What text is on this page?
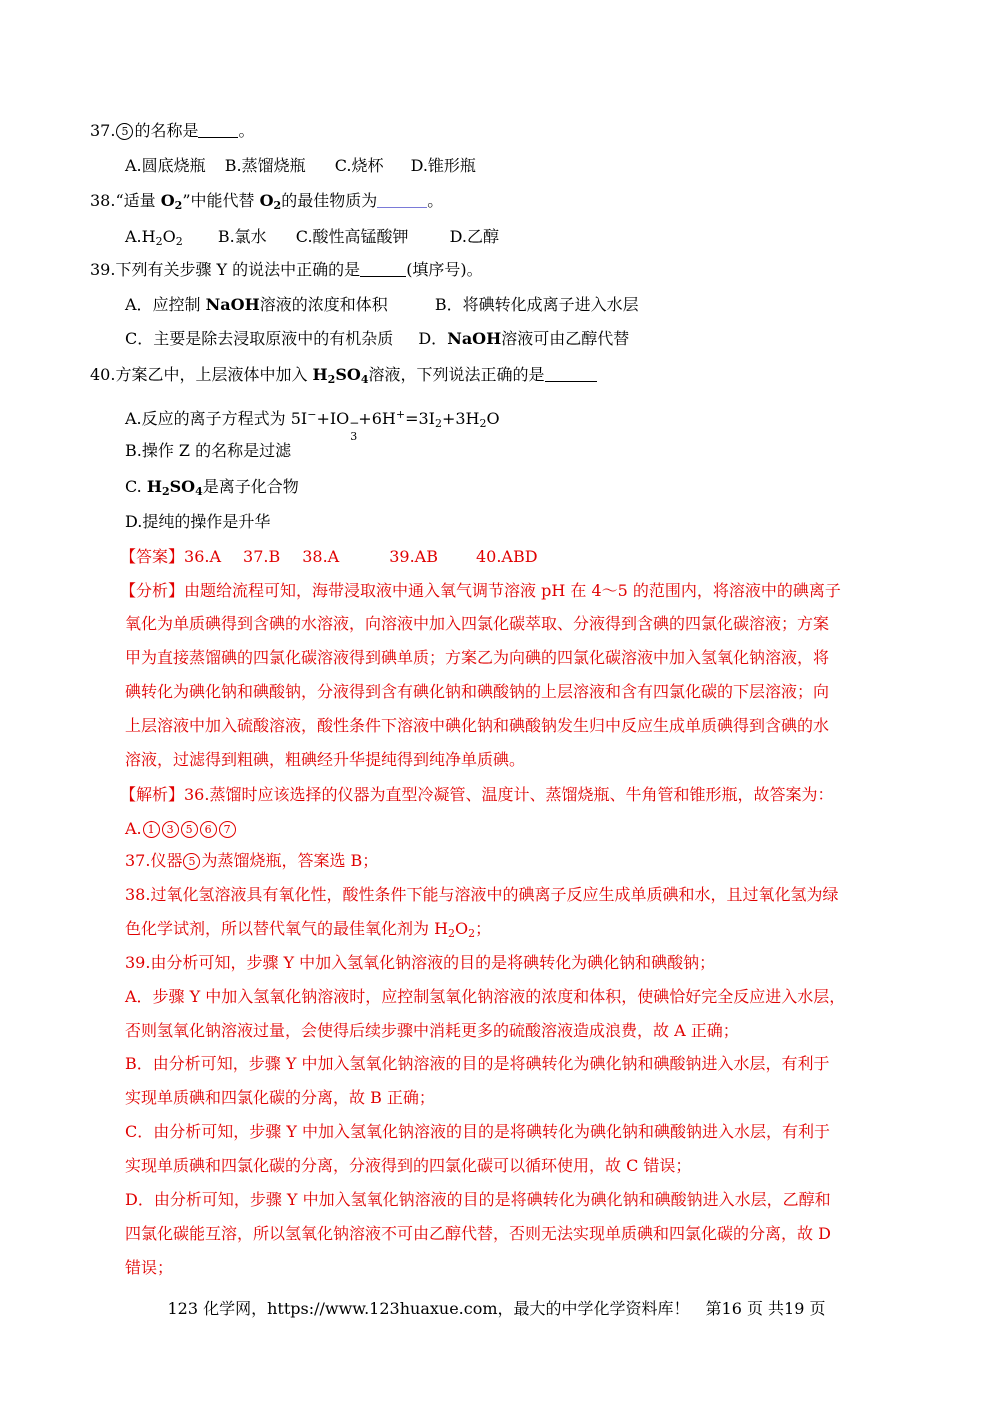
37. 5 的名称是	。
A.圆底烧瓶 B.蒸馏烧瓶 C.烧杯 D.锥形瓶
38.“适量 $O_2$”中能代替 $O_2$的最佳物质为	。
$A.H_2O_2$ B.氯水 C.酸性高锰酸钾	D.乙醇
39.下列有关步骤 Y 的说法中正确的是	(填序号)。
A．应控制 NaOH溶液的浓度和体积	B．将碘转化成离子进入水层
C．主要是除去浸取原液中的有机杂质 D．NaOH溶液可由乙醇代替
40.方案乙中，上层液体中加入 $H_2SO_4$溶液，下列说法正确的是
A.反应的离子方程式为 5I−+IO −
3
$+6H^+=3I_2+3H_2O$
B.操作 Z 的名称是过滤
C. $H_2SO_4$是离子化合物
D.提纯的操作是升华
【答案】36.A 37.B 38.A	39.AB 40.ABD
【分析】由题给流程可知，海带浸取液中通入氧气调节溶液 pH 在 4～5 的范围内，将溶液中的碘离子
氧化为单质碘得到含碘的水溶液，向溶液中加入四氯化碳萃取、分液得到含碘的四氯化碳溶液；方案
甲为直接蒸馏碘的四氯化碳溶液得到碘单质；方案乙为向碘的四氯化碳溶液中加入氢氧化钠溶液，将
碘转化为碘化钠和碘酸钠，分液得到含有碘化钠和碘酸钠的上层溶液和含有四氯化碳的下层溶液；向
上层溶液中加入硫酸溶液，酸性条件下溶液中碘化钠和碘酸钠发生归中反应生成单质碘得到含碘的水
溶液，过滤得到粗碘，粗碘经升华提纯得到纯净单质碘。
【解析】36.蒸馏时应该选择的仪器为直型冷凝管、温度计、蒸馏烧瓶、牛角管和锥形瓶，故答案为：
A. 1 3 5 6 7
37.仪器 5 为蒸馏烧瓶，答案选 B；
38.过氧化氢溶液具有氧化性，酸性条件下能与溶液中的碘离子反应生成单质碘和水，且过氧化氢为绿
色化学试剂，所以替代氧气的最佳氧化剂为 $H_2O_2$；
39.由分析可知，步骤 Y 中加入氢氧化钠溶液的目的是将碘转化为碘化钠和碘酸钠；
A．步骤 Y 中加入氢氧化钠溶液时，应控制氢氧化钠溶液的浓度和体积，使碘恰好完全反应进入水层，
否则氢氧化钠溶液过量，会使得后续步骤中消耗更多的硫酸溶液造成浪费，故 A 正确；
B．由分析可知，步骤 Y 中加入氢氧化钠溶液的目的是将碘转化为碘化钠和碘酸钠进入水层，有利于
实现单质碘和四氯化碳的分离，故 B 正确；
C．由分析可知，步骤 Y 中加入氢氧化钠溶液的目的是将碘转化为碘化钠和碘酸钠进入水层，有利于
实现单质碘和四氯化碳的分离，分液得到的四氯化碳可以循环使用，故 C 错误；
D．由分析可知，步骤 Y 中加入氢氧化钠溶液的目的是将碘转化为碘化钠和碘酸钠进入水层，乙醇和
四氯化碳能互溶，所以氢氧化钠溶液不可由乙醇代替，否则无法实现单质碘和四氯化碳的分离，故 D
错误；
123 化学网，https://www.123huaxue.com，最大的中学化学资料库！ 第16 页 共19 页
